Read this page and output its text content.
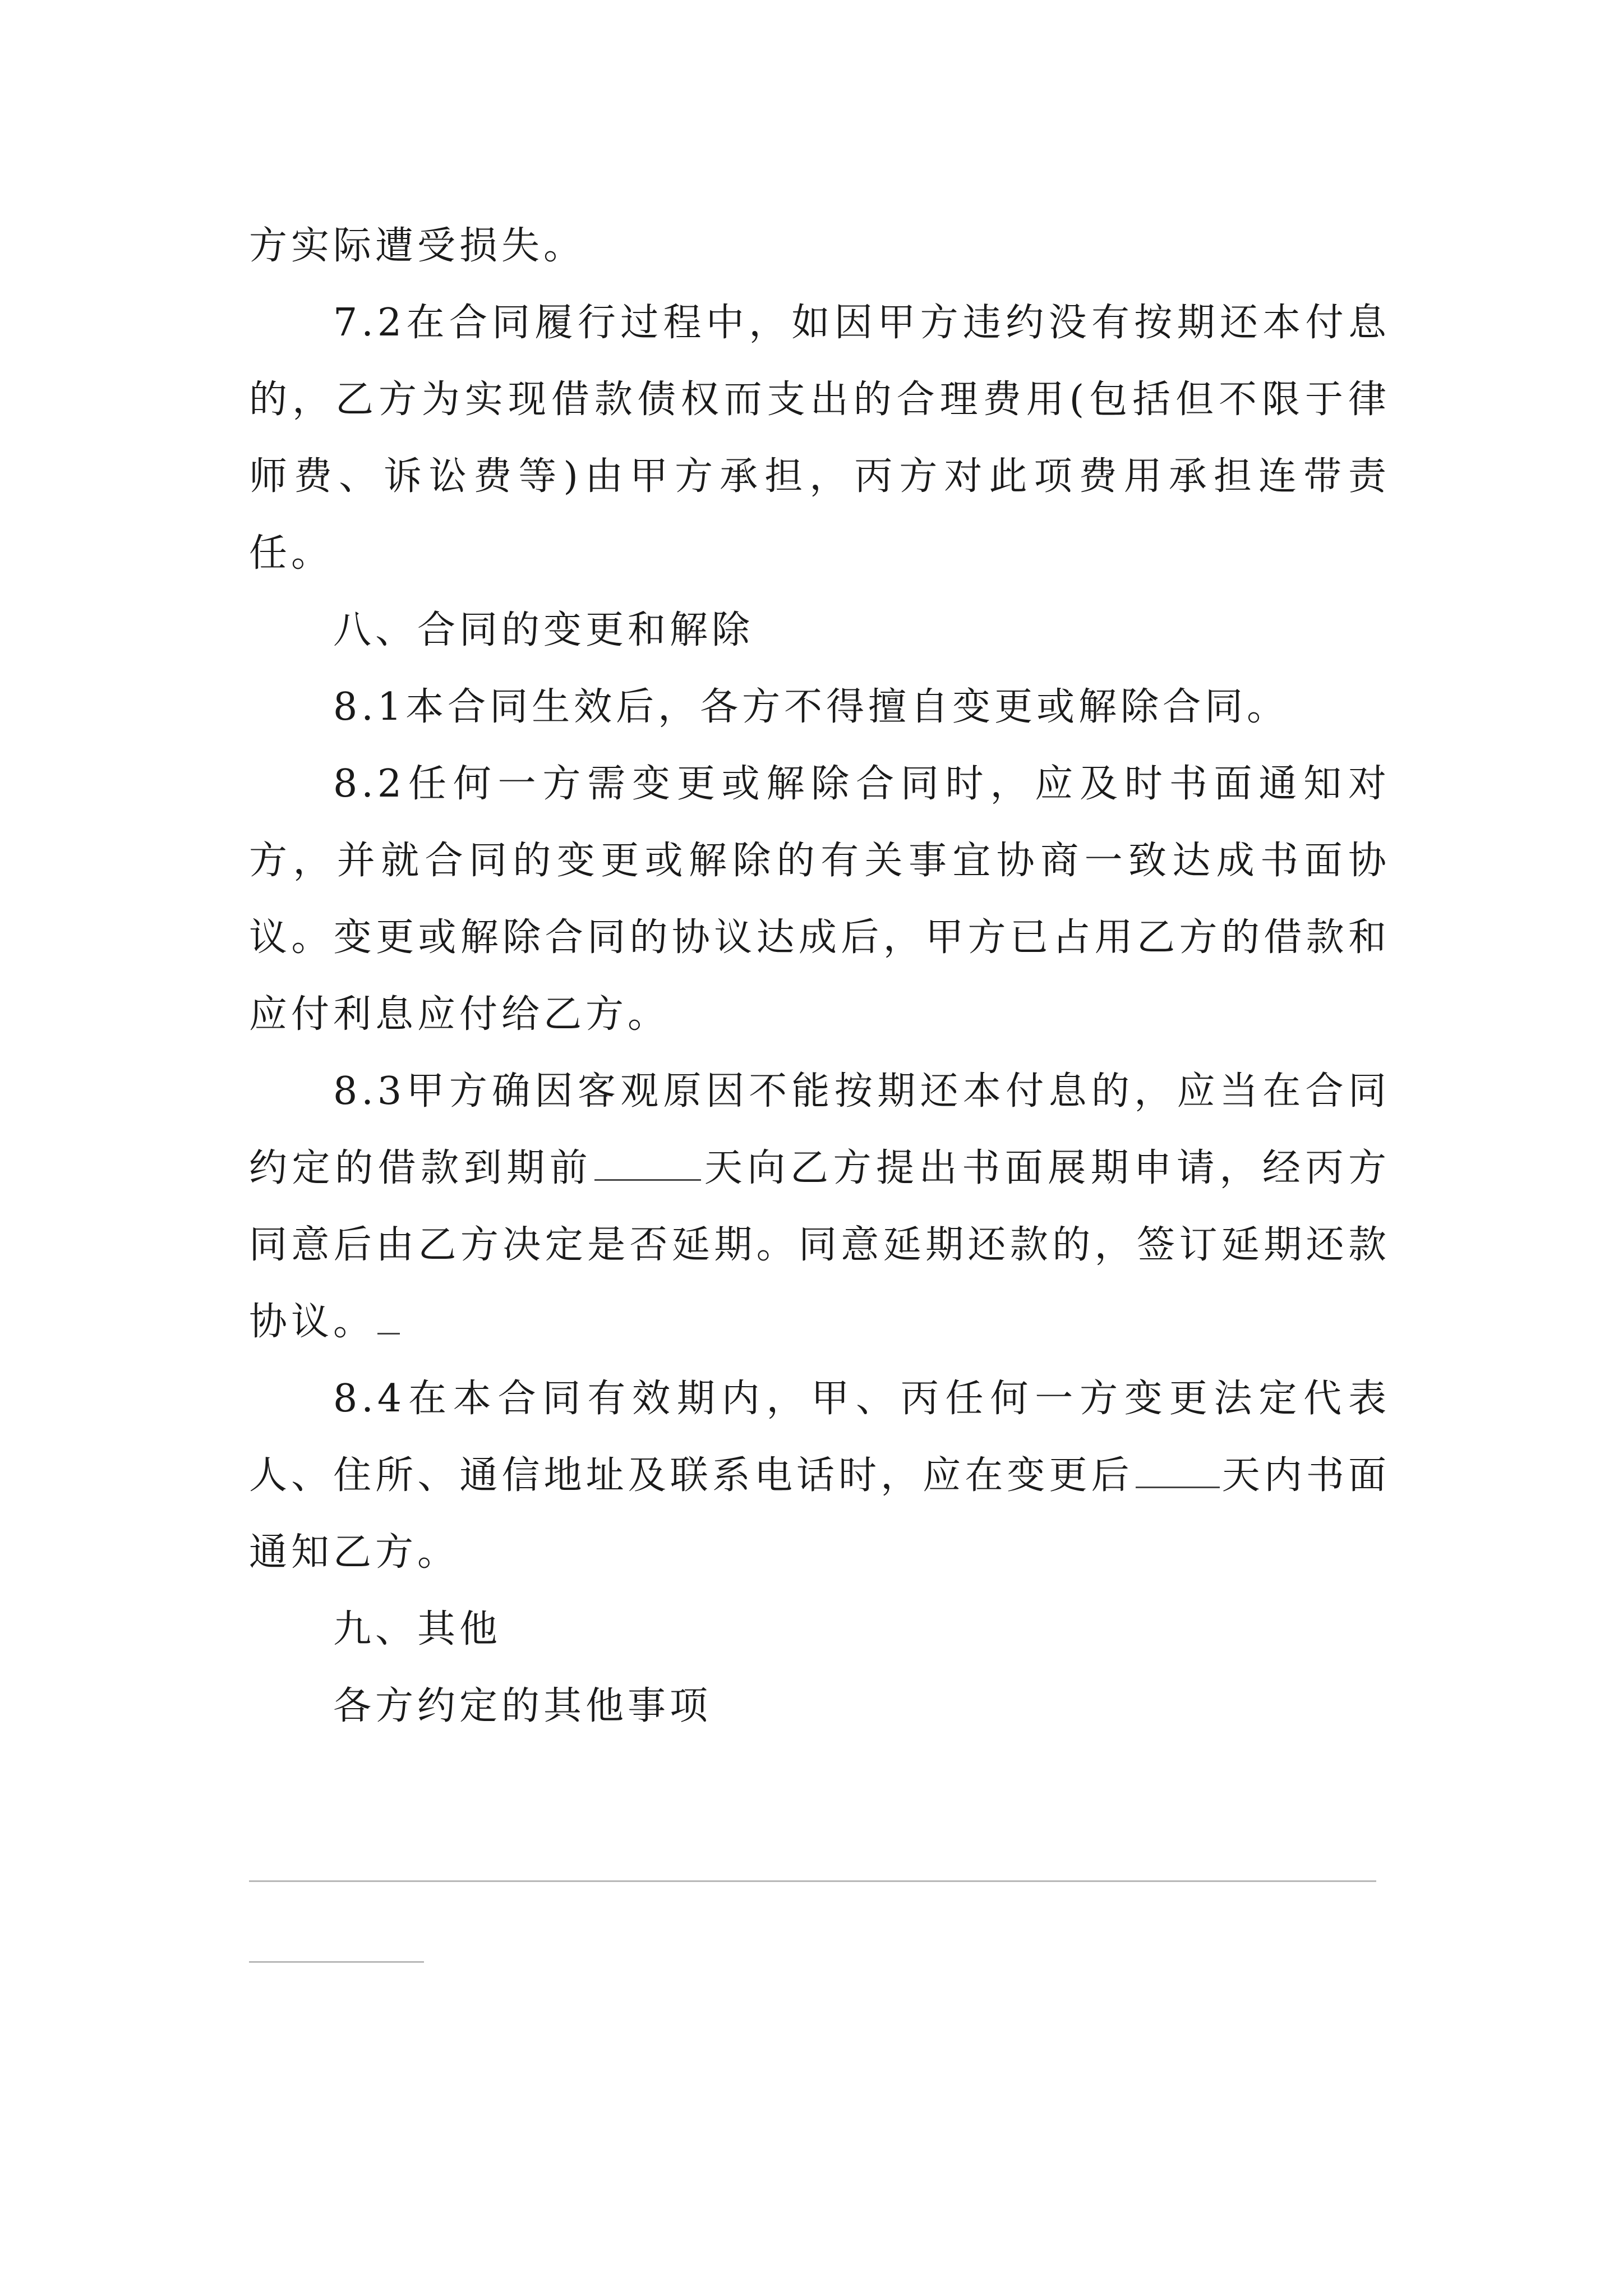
方实际遭受损失。

7.2在合同履行过程中，如因甲方违约没有按期还本付息的，乙方为实现借款债权而支出的合理费用(包括但不限于律师费、诉讼费等)由甲方承担，丙方对此项费用承担连带责任。

八、合同的变更和解除

8.1本合同生效后，各方不得擅自变更或解除合同。

8.2任何一方需变更或解除合同时，应及时书面通知对方，并就合同的变更或解除的有关事宜协商一致达成书面协议。变更或解除合同的协议达成后，甲方已占用乙方的借款和应付利息应付给乙方。

8.3甲方确因客观原因不能按期还本付息的，应当在合同约定的借款到期前	天向乙方提出书面展期申请，经丙方同意后由乙方决定是否延期。同意延期还款的，签订延期还款协议。

8.4在本合同有效期内，甲、丙任何一方变更法定代表人、住所、通信地址及联系电话时，应在变更后 天内书面通知乙方。

九、其他

各方约定的其他事项
